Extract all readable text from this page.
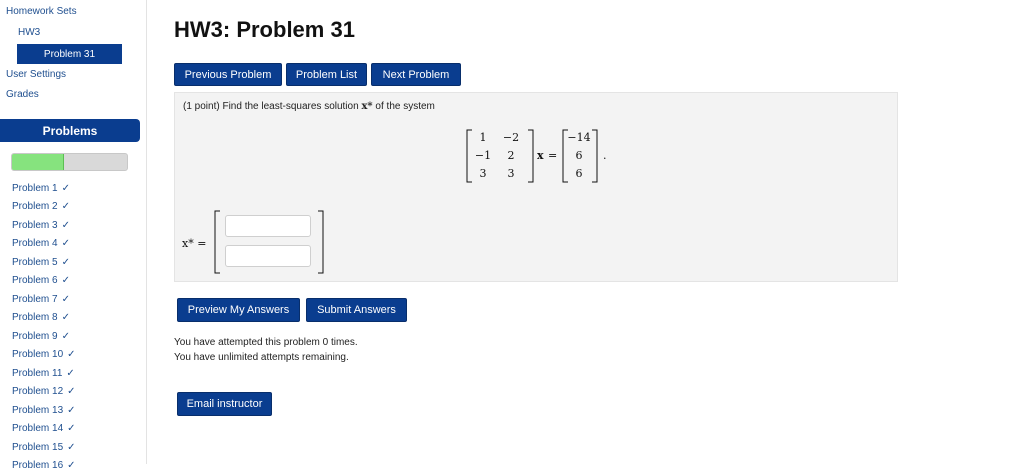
Homework Sets
HW3
Problem 31
User Settings
Grades
Problems
Problem 1 ✓
Problem 2 ✓
Problem 3 ✓
Problem 4 ✓
Problem 5 ✓
Problem 6 ✓
Problem 7 ✓
Problem 8 ✓
Problem 9 ✓
Problem 10 ✓
Problem 11 ✓
Problem 12 ✓
Problem 13 ✓
Problem 14 ✓
Problem 15 ✓
Problem 16 ✓
HW3: Problem 31
Previous Problem	Problem List	Next Problem
(1 point) Find the least-squares solution x* of the system
1	−2
−1	2
3	3
x =
−14
6
6
.
x* =
Preview My Answers	Submit Answers
You have attempted this problem 0 times.
You have unlimited attempts remaining.
Email instructor
